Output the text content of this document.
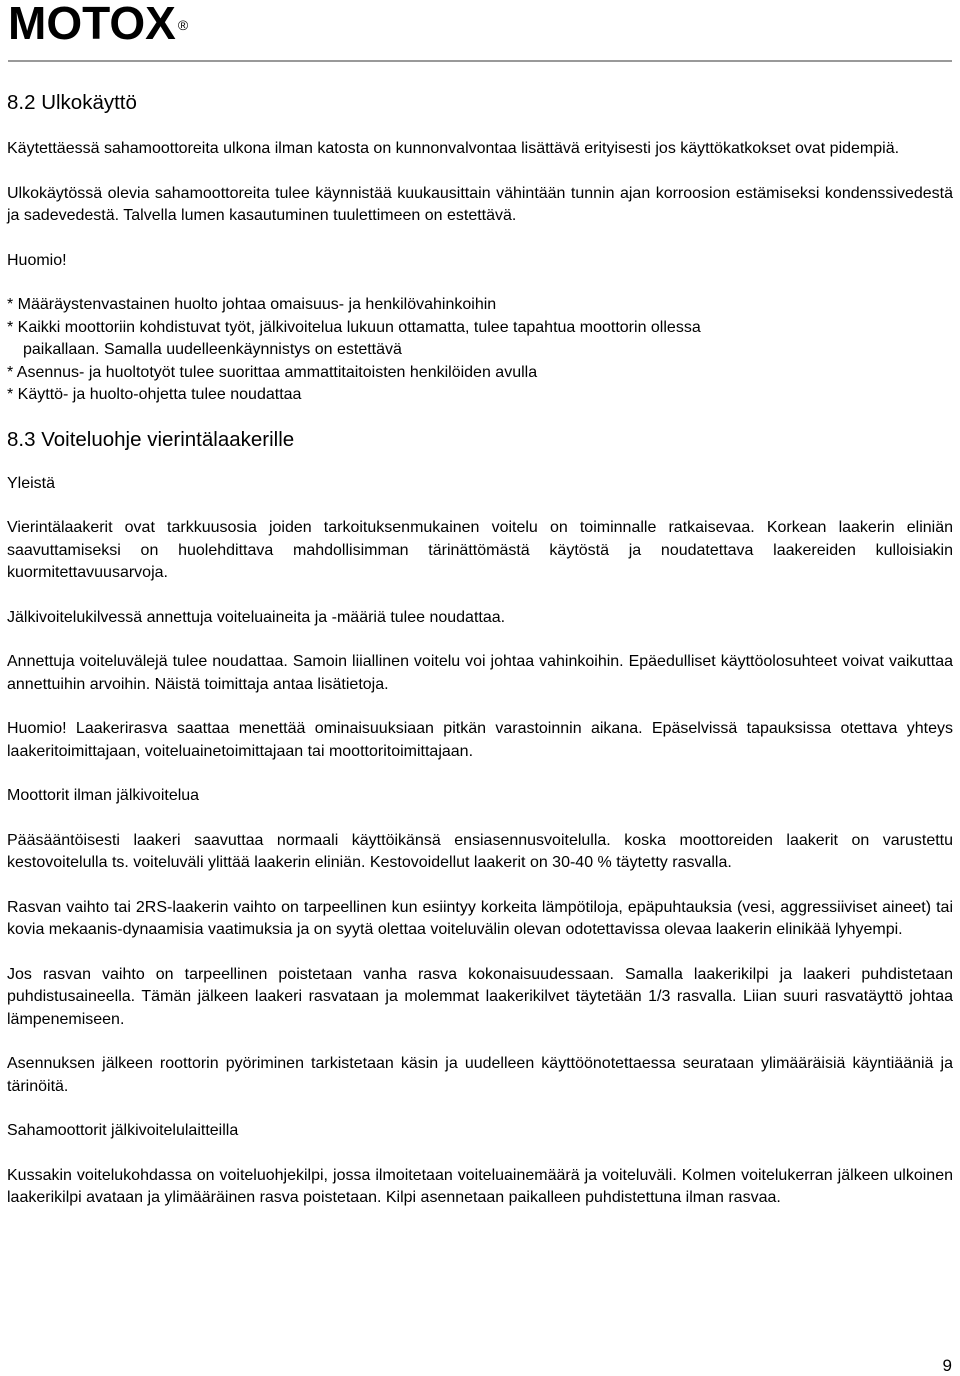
MOTOX ®
8.2 Ulkokäyttö

Käytettäessä sahamoottoreita ulkona ilman katosta on kunnonvalvontaa lisättävä erityisesti jos käyttökatkokset ovat pidempiä.

Ulkokäytössä olevia sahamoottoreita tulee käynnistää kuukausittain vähintään tunnin ajan korroosion estämiseksi kondenssivedestä ja sadevedestä. Talvella lumen kasautuminen tuulettimeen on estettävä.

Huomio!

* Määräystenvastainen huolto johtaa omaisuus- ja henkilövahinkoihin

* Kaikki moottoriin kohdistuvat työt, jälkivoitelua lukuun ottamatta, tulee tapahtua moottorin ollessa

paikallaan. Samalla uudelleenkäynnistys on estettävä

* Asennus- ja huoltotyöt tulee suorittaa ammattitaitoisten henkilöiden avulla

* Käyttö- ja huolto-ohjetta tulee noudattaa

8.3 Voiteluohje vierintälaakerille

Yleistä

Vierintälaakerit ovat tarkkuusosia joiden tarkoituksenmukainen voitelu on toiminnalle ratkaisevaa. Korkean laakerin eliniän saavuttamiseksi on huolehdittava mahdollisimman tärinättömästä käytöstä ja noudatettava laakereiden kulloisiakin kuormitettavuusarvoja.

Jälkivoitelukilvessä annettuja voiteluaineita ja -määriä tulee noudattaa.

Annettuja voiteluvälejä tulee noudattaa. Samoin liiallinen voitelu voi johtaa vahinkoihin. Epäedulliset käyttöolosuhteet voivat vaikuttaa annettuihin arvoihin. Näistä toimittaja antaa lisätietoja.

Huomio! Laakerirasva saattaa menettää ominaisuuksiaan pitkän varastoinnin aikana. Epäselvissä tapauksissa otettava yhteys laakeritoimittajaan, voiteluainetoimittajaan tai moottoritoimittajaan.

Moottorit ilman jälkivoitelua

Pääsääntöisesti laakeri saavuttaa normaali käyttöikänsä ensiasennusvoitelulla. koska moottoreiden laakerit on varustettu kestovoitelulla ts. voiteluväli ylittää laakerin eliniän. Kestovoidellut laakerit on 30-40 % täytetty rasvalla.

Rasvan vaihto tai 2RS-laakerin vaihto on tarpeellinen kun esiintyy korkeita lämpötiloja, epäpuhtauksia (vesi, aggressiiviset aineet) tai kovia mekaanis-dynaamisia vaatimuksia ja on syytä olettaa voiteluvälin olevan odotettavissa olevaa laakerin elinikää lyhyempi.

Jos rasvan vaihto on tarpeellinen poistetaan vanha rasva kokonaisuudessaan. Samalla laakerikilpi ja laakeri puhdistetaan puhdistusaineella. Tämän jälkeen laakeri rasvataan ja molemmat laakerikilvet täytetään 1/3 rasvalla. Liian suuri rasvatäyttö johtaa lämpenemiseen.

Asennuksen jälkeen roottorin pyöriminen tarkistetaan käsin ja uudelleen käyttöönotettaessa seurataan ylimääräisiä käyntiääniä ja tärinöitä.

Sahamoottorit jälkivoitelulaitteilla

Kussakin voitelukohdassa on voiteluohjekilpi, jossa ilmoitetaan voiteluainemäärä ja voiteluväli. Kolmen voitelukerran jälkeen ulkoinen laakerikilpi avataan ja ylimääräinen rasva poistetaan. Kilpi asennetaan paikalleen puhdistettuna ilman rasvaa.

9
